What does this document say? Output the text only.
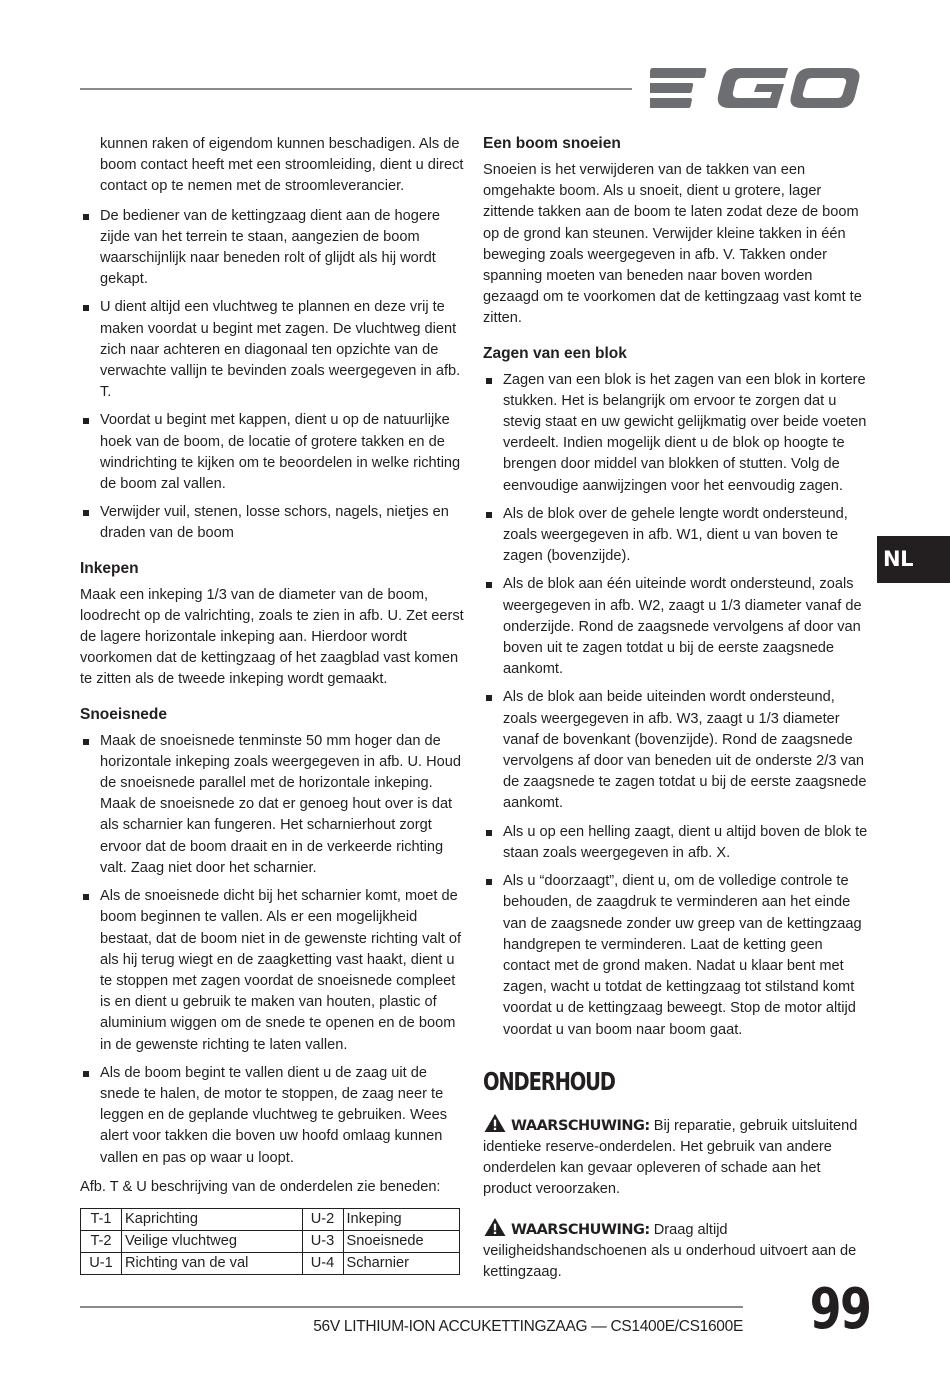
NL

kunnen raken of eigendom kunnen beschadigen. Als de boom contact heeft met een stroomleiding, dient u direct contact op te nemen met de stroomleverancier.

De bediener van de kettingzaag dient aan de hogere zijde van het terrein te staan, aangezien de boom waarschijnlijk naar beneden rolt of glijdt als hij wordt gekapt.
U dient altijd een vluchtweg te plannen en deze vrij te maken voordat u begint met zagen. De vluchtweg dient zich naar achteren en diagonaal ten opzichte van de verwachte vallijn te bevinden zoals weergegeven in afb. T.
Voordat u begint met kappen, dient u op de natuurlijke hoek van de boom, de locatie of grotere takken en de windrichting te kijken om te beoordelen in welke richting de boom zal vallen.
Verwijder vuil, stenen, losse schors, nagels, nietjes en draden van de boom
Inkepen

Maak een inkeping 1/3 van de diameter van de boom, loodrecht op de valrichting, zoals te zien in afb. U. Zet eerst de lagere horizontale inkeping aan. Hierdoor wordt voorkomen dat de kettingzaag of het zaagblad vast komen te zitten als de tweede inkeping wordt gemaakt.

Snoeisnede
Maak de snoeisnede tenminste 50 mm hoger dan de horizontale inkeping zoals weergegeven in afb. U. Houd de snoeisnede parallel met de horizontale inkeping. Maak de snoeisnede zo dat er genoeg hout over is dat als scharnier kan fungeren. Het scharnierhout zorgt ervoor dat de boom draait en in de verkeerde richting valt. Zaag niet door het scharnier.
Als de snoeisnede dicht bij het scharnier komt, moet de boom beginnen te vallen. Als er een mogelijkheid bestaat, dat de boom niet in de gewenste richting valt of als hij terug wiegt en de zaagketting vast haakt, dient u te stoppen met zagen voordat de snoeisnede compleet is en dient u gebruik te maken van houten, plastic of aluminium wiggen om de snede te openen en de boom in de gewenste richting te laten vallen.
Als de boom begint te vallen dient u de zaag uit de snede te halen, de motor te stoppen, de zaag neer te leggen en de geplande vluchtweg te gebruiken. Wees alert voor takken die boven uw hoofd omlaag kunnen vallen en pas op waar u loopt.

Afb. T & U beschrijving van de onderdelen zie beneden:

T-1	Kaprichting	U-2	Inkeping
T-2	Veilige vluchtweg	U-3	Snoeisnede
U-1	Richting van de val	U-4	Scharnier
Een boom snoeien

Snoeien is het verwijderen van de takken van een omgehakte boom. Als u snoeit, dient u grotere, lager zittende takken aan de boom te laten zodat deze de boom op de grond kan steunen. Verwijder kleine takken in één beweging zoals weergegeven in afb. V. Takken onder spanning moeten van beneden naar boven worden gezaagd om te voorkomen dat de kettingzaag vast komt te zitten.

Zagen van een blok
Zagen van een blok is het zagen van een blok in kortere stukken. Het is belangrijk om ervoor te zorgen dat u stevig staat en uw gewicht gelijkmatig over beide voeten verdeelt. Indien mogelijk dient u de blok op hoogte te brengen door middel van blokken of stutten. Volg de eenvoudige aanwijzingen voor het eenvoudig zagen.
Als de blok over de gehele lengte wordt ondersteund, zoals weergegeven in afb. W1, dient u van boven te zagen (bovenzijde).
Als de blok aan één uiteinde wordt ondersteund, zoals weergegeven in afb. W2, zaagt u 1/3 diameter vanaf de onderzijde. Rond de zaagsnede vervolgens af door van boven uit te zagen totdat u bij de eerste zaagsnede aankomt.
Als de blok aan beide uiteinden wordt ondersteund, zoals weergegeven in afb. W3, zaagt u 1/3 diameter vanaf de bovenkant (bovenzijde). Rond de zaagsnede vervolgens af door van beneden uit de onderste 2/3 van de zaagsnede te zagen totdat u bij de eerste zaagsnede aankomt.
Als u op een helling zaagt, dient u altijd boven de blok te staan zoals weergegeven in afb. X.
Als u “doorzaagt”, dient u, om de volledige controle te behouden, de zaagdruk te verminderen aan het einde van de zaagsnede zonder uw greep van de kettingzaag handgrepen te verminderen. Laat de ketting geen contact met de grond maken. Nadat u klaar bent met zagen, wacht u totdat de kettingzaag tot stilstand komt voordat u de kettingzaag beweegt. Stop de motor altijd voordat u van boom naar boom gaat.
ONDERHOUD

WAARSCHUWING: Bij reparatie, gebruik uitsluitend identieke reserve-onderdelen. Het gebruik van andere onderdelen kan gevaar opleveren of schade aan het product veroorzaken.

WAARSCHUWING: Draag altijd veiligheidshandschoenen als u onderhoud uitvoert aan de kettingzaag.

56V LITHIUM-ION ACCUKETTINGZAAG — CS1400E/CS1600E 99
